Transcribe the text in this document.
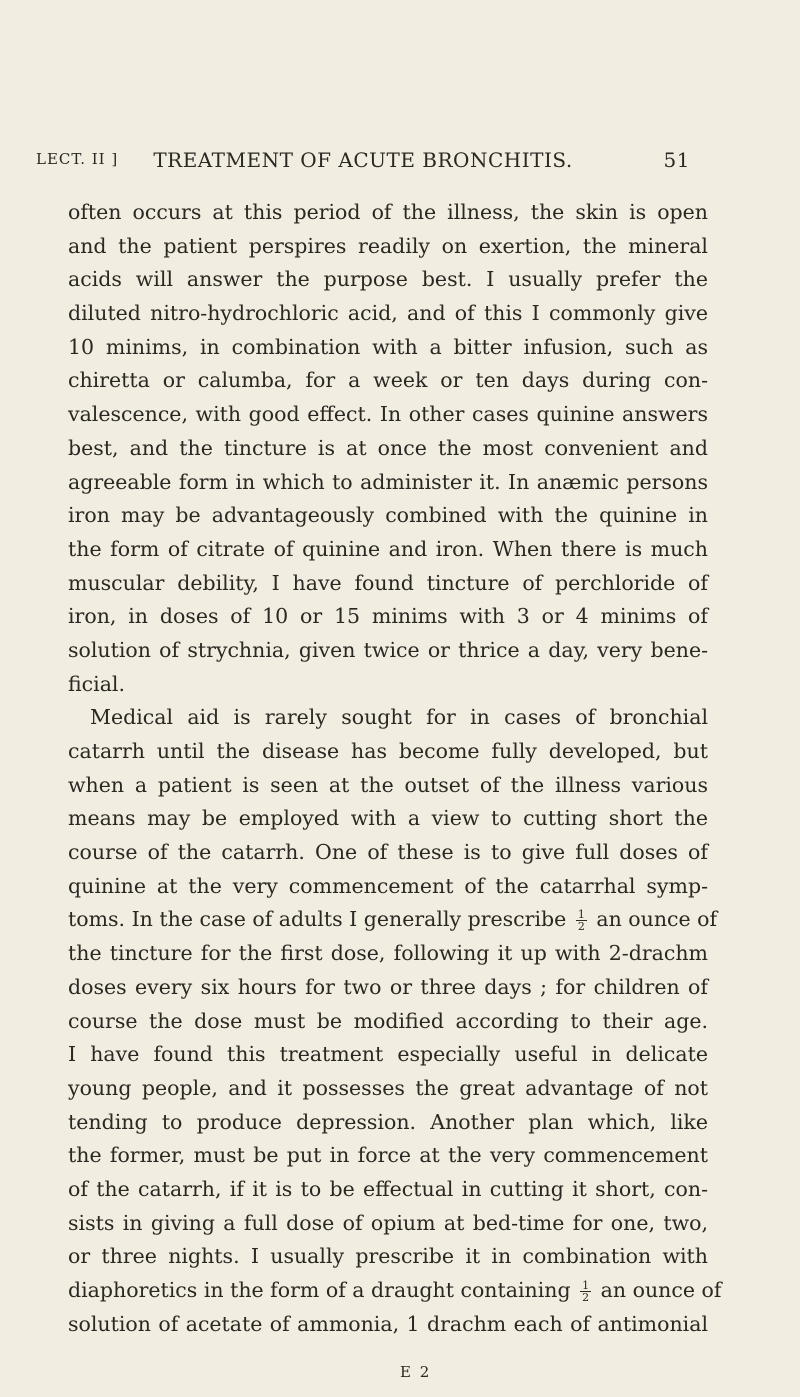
LECT. II ]	TREATMENT OF ACUTE BRONCHITIS.	51
often occurs at this period of the illness, the skin is open
and the patient perspires readily on exertion, the mineral
acids will answer the purpose best. I usually prefer the
diluted nitro-hydrochloric acid, and of this I commonly give
10 minims, in combination with a bitter infusion, such as
chiretta or calumba, for a week or ten days during con-
valescence, with good effect. In other cases quinine answers
best, and the tincture is at once the most convenient and
agreeable form in which to administer it. In anæmic persons
iron may be advantageously combined with the quinine in
the form of citrate of quinine and iron. When there is much
muscular debility, I have found tincture of perchloride of
iron, in doses of 10 or 15 minims with 3 or 4 minims of
solution of strychnia, given twice or thrice a day, very bene-
ficial.
Medical aid is rarely sought for in cases of bronchial
catarrh until the disease has become fully developed, but
when a patient is seen at the outset of the illness various
means may be employed with a view to cutting short the
course of the catarrh. One of these is to give full doses of
quinine at the very commencement of the catarrhal symp-
toms. In the case of adults I generally prescribe $\frac{1}{2}$ an ounce of
the tincture for the first dose, following it up with 2-drachm
doses every six hours for two or three days ; for children of
course the dose must be modified according to their age.
I have found this treatment especially useful in delicate
young people, and it possesses the great advantage of not
tending to produce depression. Another plan which, like
the former, must be put in force at the very commencement
of the catarrh, if it is to be effectual in cutting it short, con-
sists in giving a full dose of opium at bed-time for one, two,
or three nights. I usually prescribe it in combination with
diaphoretics in the form of a draught containing $\frac{1}{2}$ an ounce of
solution of acetate of ammonia, 1 drachm each of antimonial
E 2
